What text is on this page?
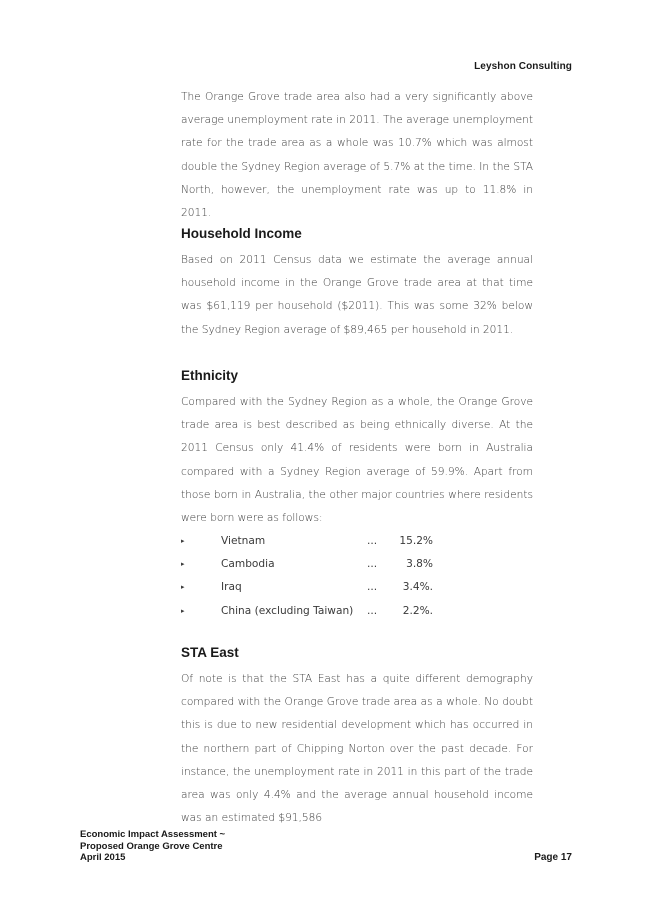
Leyshon Consulting

The Orange Grove trade area also had a very significantly above average unemployment rate in 2011. The average unemployment rate for the trade area as a whole was 10.7% which was almost double the Sydney Region average of 5.7% at the time. In the STA North, however, the unemployment rate was up to 11.8% in 2011.

Household Income

Based on 2011 Census data we estimate the average annual household income in the Orange Grove trade area at that time was $61,119 per household ($2011). This was some 32% below the Sydney Region average of $89,465 per household in 2011.

Ethnicity

Compared with the Sydney Region as a whole, the Orange Grove trade area is best described as being ethnically diverse. At the 2011 Census only 41.4% of residents were born in Australia compared with a Sydney Region average of 59.9%. Apart from those born in Australia, the other major countries where residents were born were as follows:

▸	Vietnam	...	15.2%
▸	Cambodia	...	3.8%
▸	Iraq	...	3.4%.
▸	China (excluding Taiwan) ...	2.2%.
STA East

Of note is that the STA East has a quite different demography compared with the Orange Grove trade area as a whole. No doubt this is due to new residential development which has occurred in the northern part of Chipping Norton over the past decade. For instance, the unemployment rate in 2011 in this part of the trade area was only 4.4% and the average annual household income was an estimated $91,586

Economic Impact Assessment ~
Proposed Orange Grove Centre
April 2015	Page 17
